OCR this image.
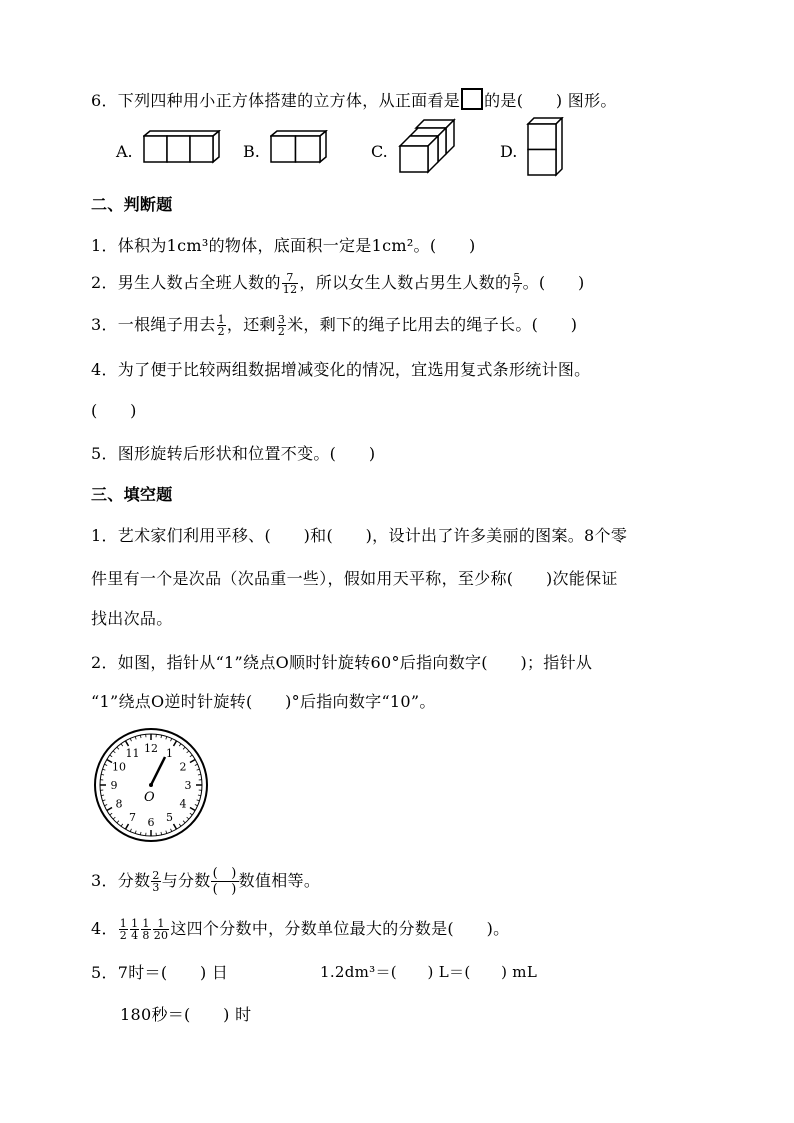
6．下列四种用小正方体搭建的立方体，从正面看是 的是(　　) 图形。
A.	B.	C.	D.
二、判断题
1．体积为1cm³的物体，底面积一定是1cm²。(　　)
2．男生人数占全班人数的 $\frac{7}{12}$ ，所以女生人数占男生人数的 $\frac{5}{7}$ 。(　　)
3．一根绳子用去 $\frac{1}{2}$ ，还剩 $\frac{3}{2}$ 米，剩下的绳子比用去的绳子长。(　　)
4．为了便于比较两组数据增减变化的情况，宜选用复式条形统计图。
(　　)
5．图形旋转后形状和位置不变。(　　)
三、填空题
1．艺术家们利用平移、(　　)和(　　)，设计出了许多美丽的图案。8个零
件里有一个是次品（次品重一些），假如用天平称，至少称(　　)次能保证
找出次品。
2．如图，指针从“1”绕点O顺时针旋转60°后指向数字(　　)；指针从
“1”绕点O逆时针旋转(　　)°后指向数字“10”。
12 1
2
3
4
5
6
7
8
9
10
11
O
3．分数 $\frac{2}{3}$ 与分数 $\frac{( )}{( )}$ 数值相等。
4． $\frac{1}{2} \frac{1}{4} \frac{1}{8} \frac{1}{20}$ 这四个分数中，分数单位最大的分数是(　　)。
5．7时＝(　　) 日	1.2dm³＝(　　) L＝(　　) mL
180秒＝(　　) 时
